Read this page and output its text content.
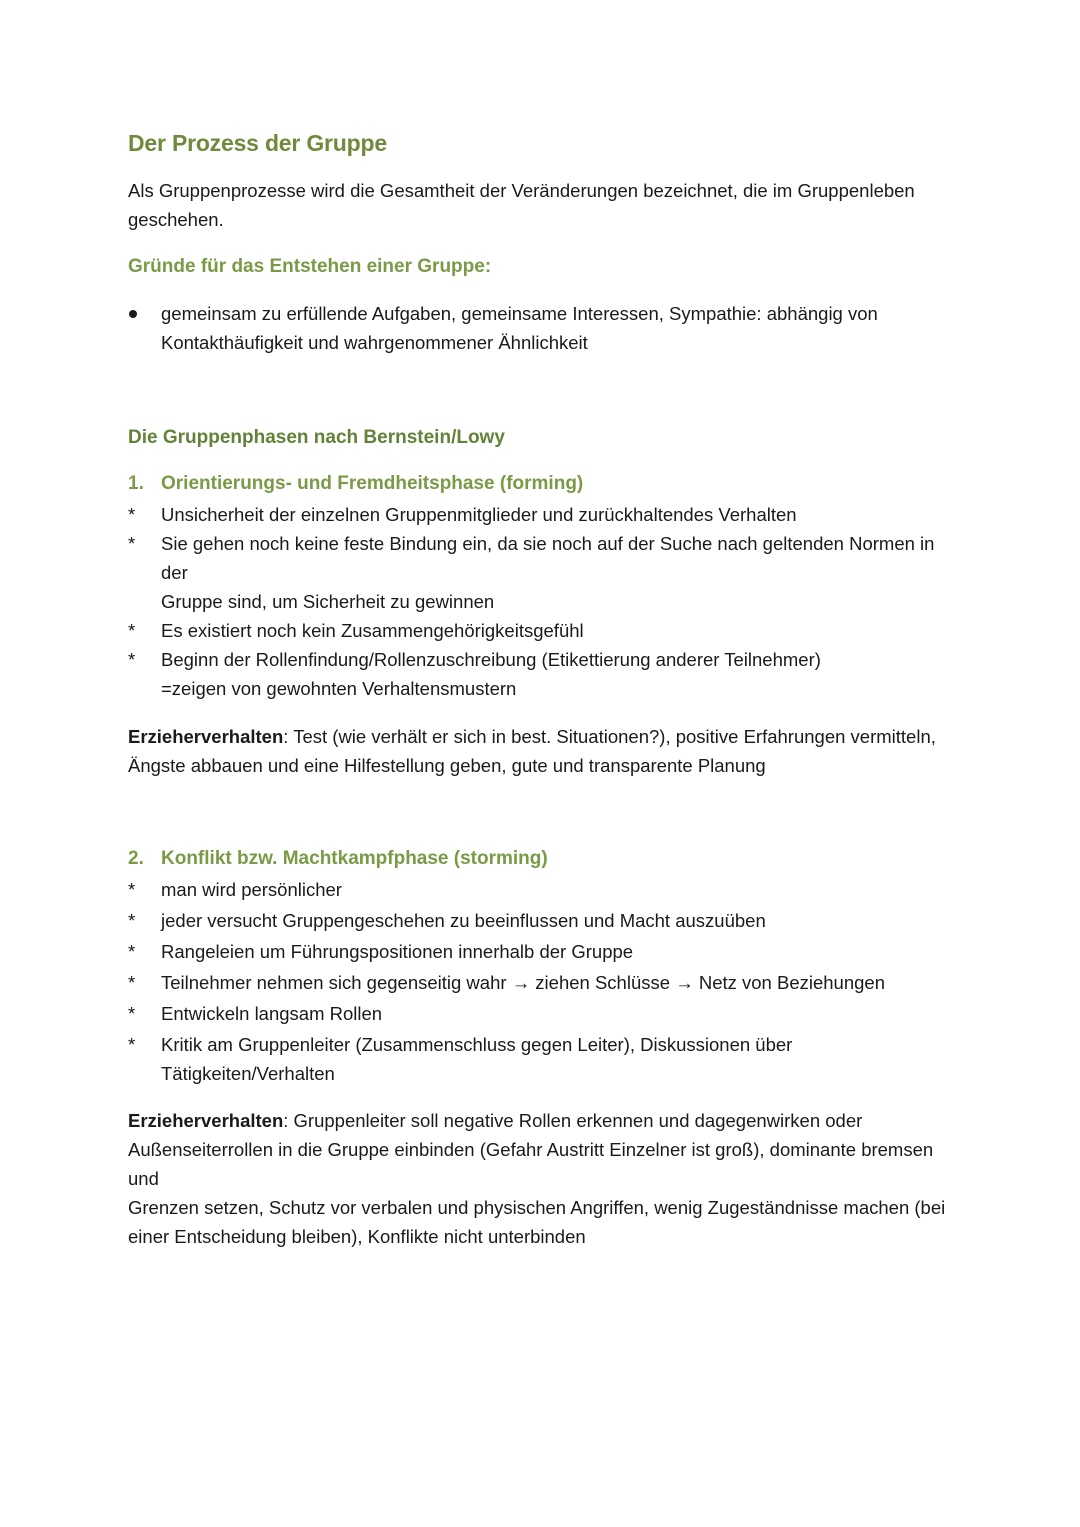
Der Prozess der Gruppe

Als Gruppenprozesse wird die Gesamtheit der Veränderungen bezeichnet, die im Gruppenleben
geschehen.

Gründe für das Entstehen einer Gruppe:
gemeinsam zu erfüllende Aufgaben, gemeinsame Interessen, Sympathie: abhängig von
Kontakthäufigkeit und wahrgenommener Ähnlichkeit
Die Gruppenphasen nach Bernstein/Lowy
1. Orientierungs- und Fremdheitsphase (forming)
*	Unsicherheit der einzelnen Gruppenmitglieder und zurückhaltendes Verhalten
*	Sie gehen noch keine feste Bindung ein, da sie noch auf der Suche nach geltenden Normen in der
Gruppe sind, um Sicherheit zu gewinnen
*	Es existiert noch kein Zusammengehörigkeitsgefühl
*	Beginn der Rollenfindung/Rollenzuschreibung (Etikettierung anderer Teilnehmer)
=zeigen von gewohnten Verhaltensmustern

Erzieherverhalten: Test (wie verhält er sich in best. Situationen?), positive Erfahrungen vermitteln,
Ängste abbauen und eine Hilfestellung geben, gute und transparente Planung

2. Konflikt bzw. Machtkampfphase (storming)
*	man wird persönlicher
*	jeder versucht Gruppengeschehen zu beeinflussen und Macht auszuüben
*	Rangeleien um Führungspositionen innerhalb der Gruppe
*	Teilnehmer nehmen sich gegenseitig wahr → ziehen Schlüsse → Netz von Beziehungen
*	Entwickeln langsam Rollen
*	Kritik am Gruppenleiter (Zusammenschluss gegen Leiter), Diskussionen über Tätigkeiten/Verhalten

Erzieherverhalten: Gruppenleiter soll negative Rollen erkennen und dagegenwirken oder
Außenseiterrollen in die Gruppe einbinden (Gefahr Austritt Einzelner ist groß), dominante bremsen und
Grenzen setzen, Schutz vor verbalen und physischen Angriffen, wenig Zugeständnisse machen (bei
einer Entscheidung bleiben), Konflikte nicht unterbinden
